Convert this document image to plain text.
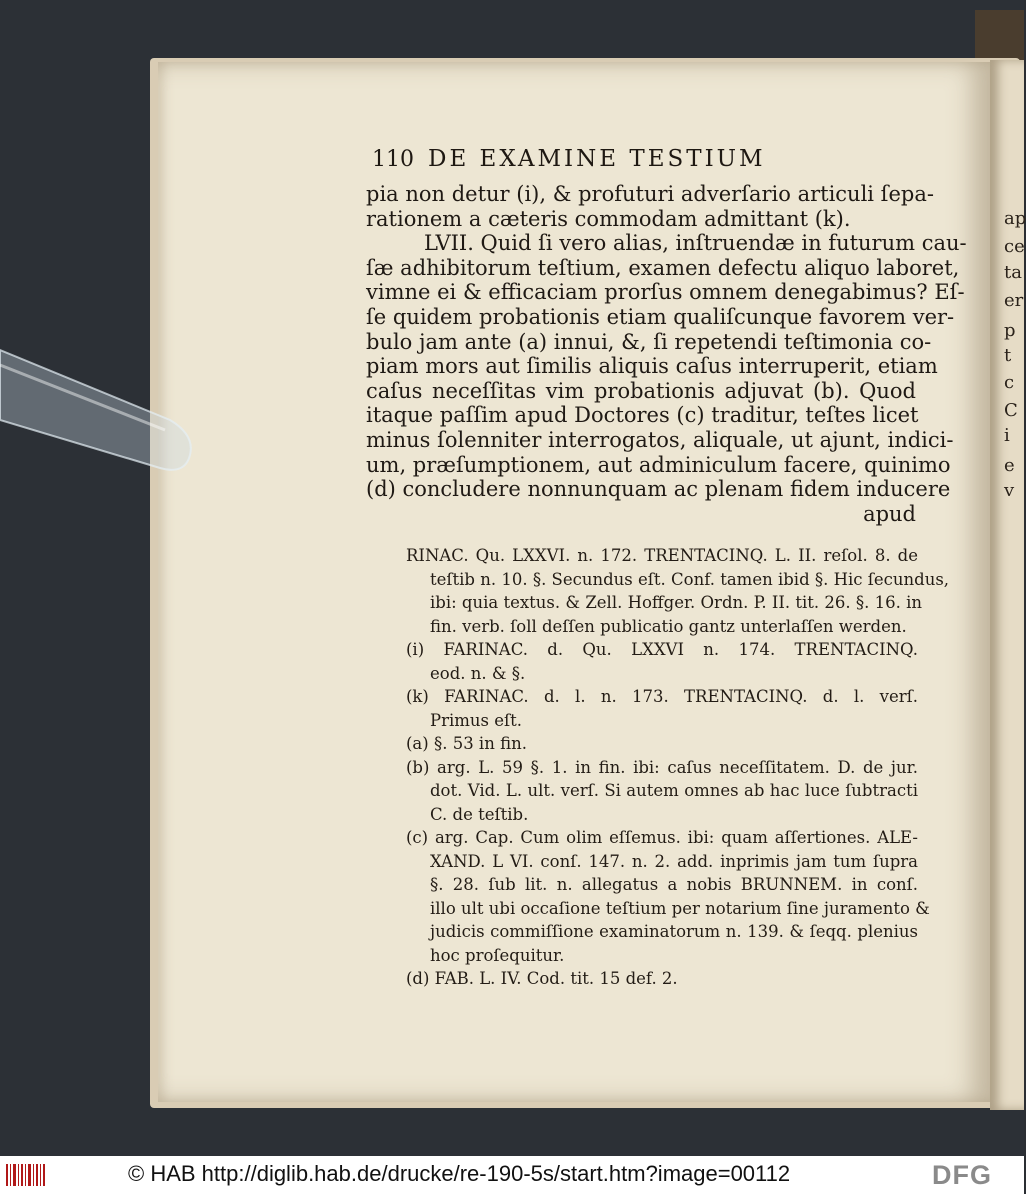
ap
ce
ta
er
p
t
c
C
i
e
v
110 DE EXAMINE TESTIUM
pia non detur (i), & profuturi adverſario articuli ſepa-
rationem a cæteris commodam admittant (k).
LVII. Quid ſi vero alias, inſtruendæ in futurum cau-
ſæ adhibitorum teſtium, examen defectu aliquo laboret,
vimne ei & efficaciam prorſus omnem denegabimus? Eſ-
ſe quidem probationis etiam qualiſcunque favorem ver-
bulo jam ante (a) innui, &, ſi repetendi teſtimonia co-
piam mors aut ſimilis aliquis caſus interruperit, etiam
caſus neceſſitas vim probationis adjuvat (b). Quod
itaque paſſim apud Doctores (c) traditur, teſtes licet
minus ſolenniter interrogatos, aliquale, ut ajunt, indici-
um, præſumptionem, aut adminiculum facere, quinimo
(d) concludere nonnunquam ac plenam fidem inducere
apud
RINAC. Qu. LXXVI. n. 172. TRENTACINQ. L. II. reſol. 8. de
teſtib n. 10. §. Secundus eſt. Conf. tamen ibid §. Hic ſecundus,
ibi: quia textus. & Zell. Hoffger. Ordn. P. II. tit. 26. §. 16. in
fin. verb. ſoll deſſen publicatio gantz unterlaſſen werden.
(i) FARINAC. d. Qu. LXXVI n. 174. TRENTACINQ.
eod. n. & §.
(k) FARINAC. d. l. n. 173. TRENTACINQ. d. l. verſ.
Primus eſt.
(a) §. 53 in fin.
(b) arg. L. 59 §. 1. in fin. ibi: caſus neceſſitatem. D. de jur.
dot. Vid. L. ult. verſ. Si autem omnes ab hac luce ſubtracti
C. de teſtib.
(c) arg. Cap. Cum olim eſſemus. ibi: quam aſſertiones. ALE-
XAND. L VI. conſ. 147. n. 2. add. inprimis jam tum ſupra
§. 28. ſub lit. n. allegatus a nobis BRUNNEM. in conſ.
illo ult ubi occaſione teſtium per notarium ſine juramento &
judicis commiſſione examinatorum n. 139. & ſeqq. plenius
hoc proſequitur.
(d) FAB. L. IV. Cod. tit. 15 def. 2.
© HAB http://diglib.hab.de/drucke/re-190-5s/start.htm?image=00112	DFG
